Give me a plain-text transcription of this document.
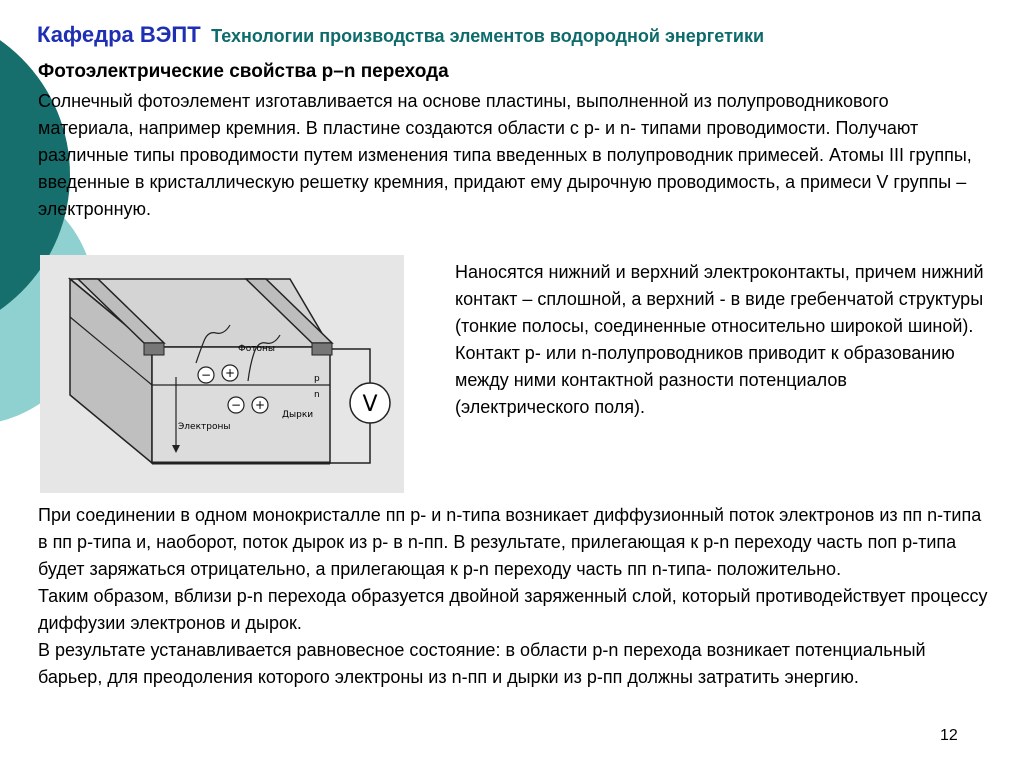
Кафедра ВЭПТ Технологии производства элементов водородной энергетики
Фотоэлектрические свойства p–n перехода

Солнечный фотоэлемент изготавливается на основе пластины, выполненной из полупроводникового материала, например кремния. В пластине создаются области с p- и n- типами проводимости. Получают различные типы проводимости путем изменения типа введенных в полупроводник примесей. Атомы III группы, введенные в кристаллическую решетку кремния, придают ему дырочную проводимость, а примеси V группы – электронную.

− +
− +
Фотоны
Электроны
Дырки
p
n V

Наносятся нижний и верхний электроконтакты, причем нижний контакт – сплошной, а верхний - в виде гребенчатой структуры (тонкие полосы, соединенные относительно широкой шиной). Контакт p- или n-полупроводников приводит к образованию между ними контактной разности потенциалов (электрического поля).

При соединении в одном монокристалле пп p- и n-типа возникает диффузионный поток электронов из пп n-типа в пп p-типа и, наоборот, поток дырок из p- в n-пп. В результате, прилегающая к p-n переходу часть поп p-типа будет заряжаться отрицательно, а прилегающая к p-n переходу часть пп n-типа- положительно.
Таким образом, вблизи p-n перехода образуется двойной заряженный слой, который противодействует процессу диффузии электронов и дырок.
В результате устанавливается равновесное состояние: в области p-n перехода возникает потенциальный барьер, для преодоления которого электроны из n-пп и дырки из p-пп должны затратить энергию.
12
